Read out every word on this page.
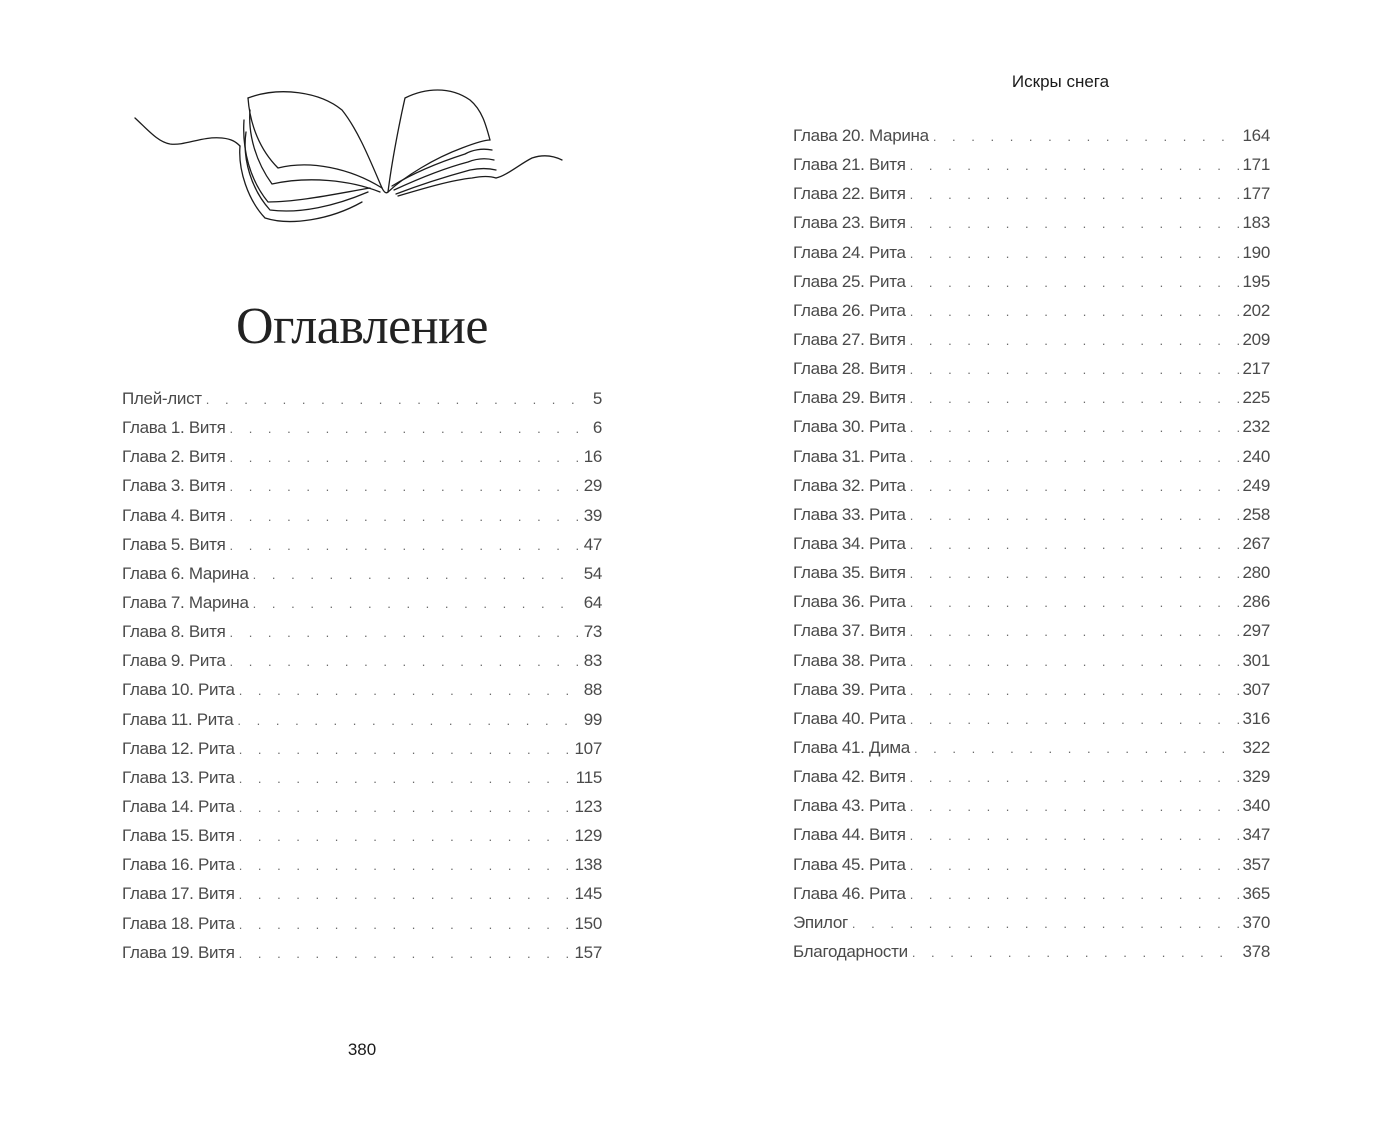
Оглавление
Плей-лист . . .	5
Глава 1. Витя . . .	6
Глава 2. Витя . . .	16
Глава 3. Витя . . .	29
Глава 4. Витя . . .	39
Глава 5. Витя . . .	47
Глава 6. Марина . . .	54
Глава 7. Марина . . .	64
Глава 8. Витя . . .	73
Глава 9. Рита . . .	83
Глава 10. Рита . . .	88
Глава 11. Рита . . .	99
Глава 12. Рита . . .	107
Глава 13. Рита . . .	115
Глава 14. Рита . . .	123
Глава 15. Витя . . .	129
Глава 16. Рита . . .	138
Глава 17. Витя . . .	145
Глава 18. Рита . . .	150
Глава 19. Витя . . .	157

380

Искры снега

Глава 20. Марина . . .	164
Глава 21. Витя . . .	171
Глава 22. Витя . . .	177
Глава 23. Витя . . .	183
Глава 24. Рита . . .	190
Глава 25. Рита . . .	195
Глава 26. Рита . . .	202
Глава 27. Витя . . .	209
Глава 28. Витя . . .	217
Глава 29. Витя . . .	225
Глава 30. Рита . . .	232
Глава 31. Рита . . .	240
Глава 32. Рита . . .	249
Глава 33. Рита . . .	258
Глава 34. Рита . . .	267
Глава 35. Витя . . .	280
Глава 36. Рита . . .	286
Глава 37. Витя . . .	297
Глава 38. Рита . . .	301
Глава 39. Рита . . .	307
Глава 40. Рита . . .	316
Глава 41. Дима . . .	322
Глава 42. Витя . . .	329
Глава 43. Рита . . .	340
Глава 44. Витя . . .	347
Глава 45. Рита . . .	357
Глава 46. Рита . . .	365
Эпилог . . .	370
Благодарности . . .	378
